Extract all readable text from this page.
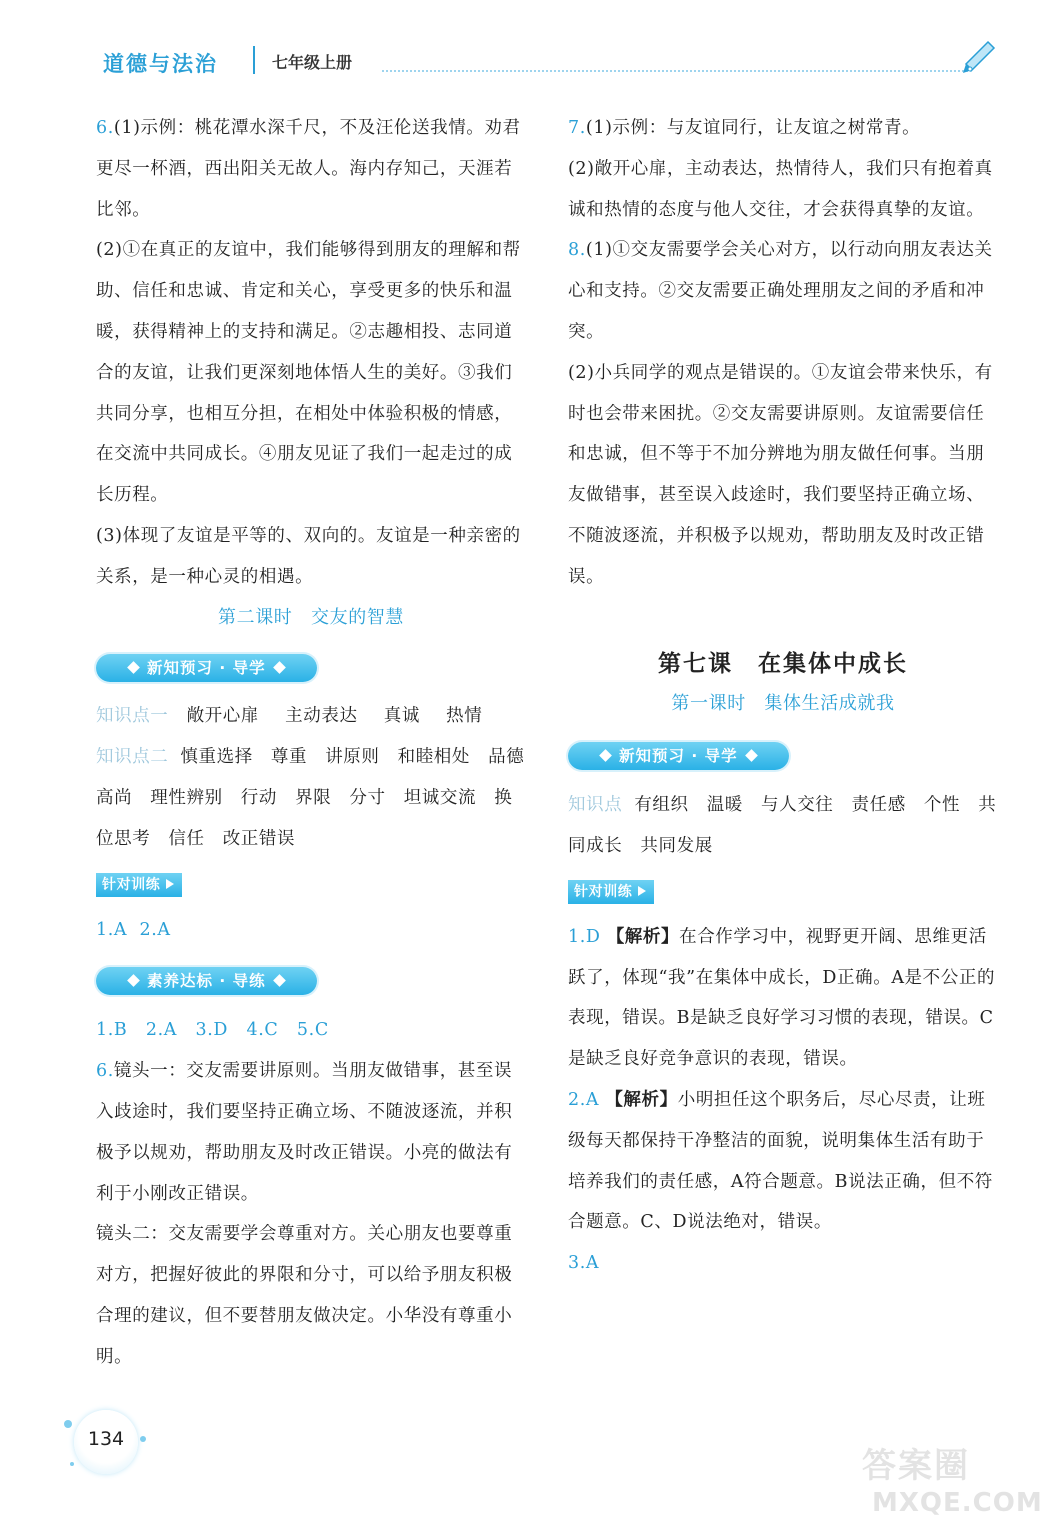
道德与法治	七年级上册

6.(1)示例：桃花潭水深千尺，不及汪伦送我情。劝君更尽一杯酒，西出阳关无故人。海内存知己，天涯若比邻。

(2)①在真正的友谊中，我们能够得到朋友的理解和帮助、信任和忠诚、肯定和关心，享受更多的快乐和温暖，获得精神上的支持和满足。②志趣相投、志同道合的友谊，让我们更深刻地体悟人生的美好。③我们共同分享，也相互分担，在相处中体验积极的情感，在交流中共同成长。④朋友见证了我们一起走过的成长历程。

(3)体现了友谊是平等的、双向的。友谊是一种亲密的关系，是一种心灵的相遇。

第二课时　交友的智慧

新知预习 · 导学

知识点一 敞开心扉 主动表达 真诚 热情

知识点二 慎重选择　尊重　讲原则　和睦相处　品德高尚　理性辨别　行动　界限　分寸　坦诚交流　换位思考　信任　改正错误

针对训练

1.A 2.A

素养达标 · 导练

1.B 2.A 3.D 4.C 5.C

6.镜头一：交友需要讲原则。当朋友做错事，甚至误入歧途时，我们要坚持正确立场、不随波逐流，并积极予以规劝，帮助朋友及时改正错误。小亮的做法有利于小刚改正错误。

镜头二：交友需要学会尊重对方。关心朋友也要尊重对方，把握好彼此的界限和分寸，可以给予朋友积极合理的建议，但不要替朋友做决定。小华没有尊重小明。

7.(1)示例：与友谊同行，让友谊之树常青。

(2)敞开心扉，主动表达，热情待人，我们只有抱着真诚和热情的态度与他人交往，才会获得真挚的友谊。

8.(1)①交友需要学会关心对方，以行动向朋友表达关心和支持。②交友需要正确处理朋友之间的矛盾和冲突。

(2)小兵同学的观点是错误的。①友谊会带来快乐，有时也会带来困扰。②交友需要讲原则。友谊需要信任和忠诚，但不等于不加分辨地为朋友做任何事。当朋友做错事，甚至误入歧途时，我们要坚持正确立场、不随波逐流，并积极予以规劝，帮助朋友及时改正错误。

第七课　在集体中成长

第一课时　集体生活成就我

新知预习 · 导学

知识点 有组织　温暖　与人交往　责任感　个性　共同成长　共同发展

针对训练

1.D 【解析】在合作学习中，视野更开阔、思维更活跃了，体现“我”在集体中成长，D正确。A是不公正的表现，错误。B是缺乏良好学习习惯的表现，错误。C是缺乏良好竞争意识的表现，错误。

2.A 【解析】小明担任这个职务后，尽心尽责，让班级每天都保持干净整洁的面貌，说明集体生活有助于培养我们的责任感，A符合题意。B说法正确，但不符合题意。C、D说法绝对，错误。

3.A

134
答案圈
MXQE.COM
